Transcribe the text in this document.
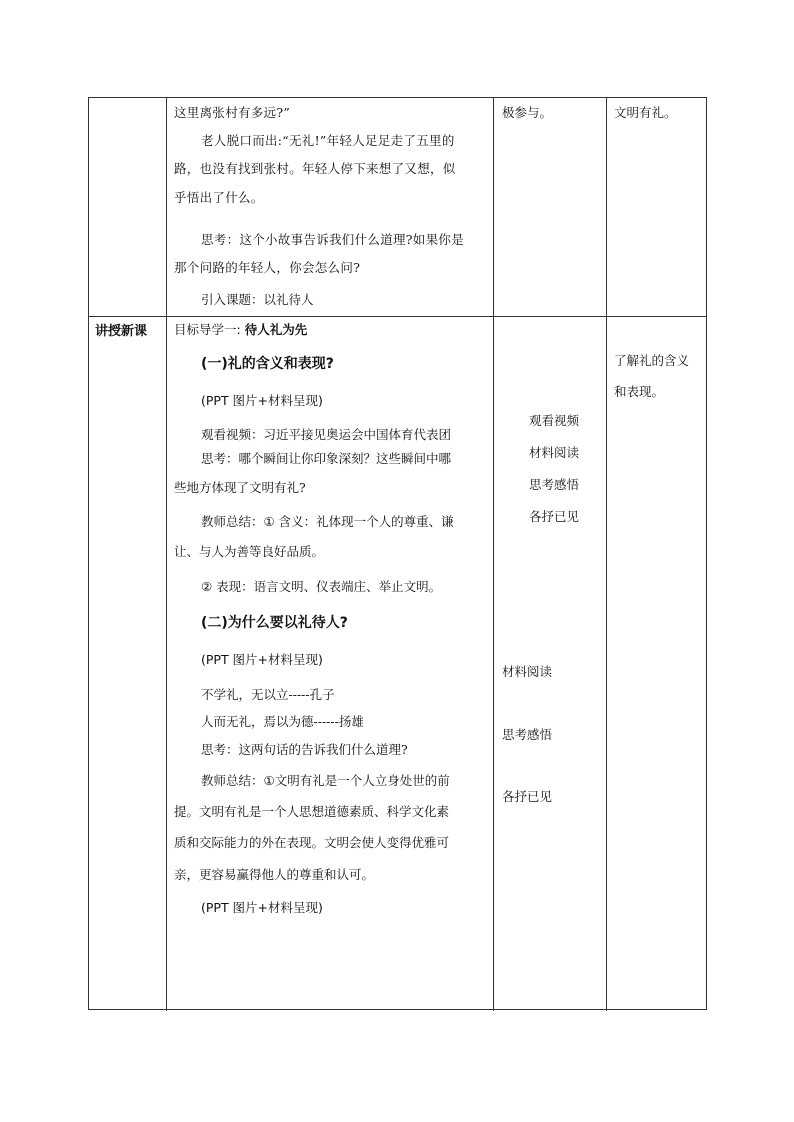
这里离张村有多远?”
老人脱口而出:“无礼!”年轻人足足走了五里的
路，也没有找到张村。年轻人停下来想了又想，似
乎悟出了什么。
思考：这个小故事告诉我们什么道理?如果你是
那个问路的年轻人，你会怎么问?
引入课题：以礼待人
极参与。	文明有礼。
讲授新课 目标导学一: 待人礼为先
(一)礼的含义和表现?
(PPT 图片+材料呈现)
观看视频：习近平接见奥运会中国体育代表团
思考：哪个瞬间让你印象深刻？这些瞬间中哪
些地方体现了文明有礼?
教师总结：① 含义：礼体现一个人的尊重、谦
让、与人为善等良好品质。
② 表现：语言文明、仪表端庄、举止文明。
(二)为什么要以礼待人?
(PPT 图片+材料呈现)
不学礼，无以立-----孔子
人而无礼，焉以为德------扬雄
思考：这两句话的告诉我们什么道理?
教师总结：①文明有礼是一个人立身处世的前
提。文明有礼是一个人思想道德素质、科学文化素
质和交际能力的外在表现。文明会使人变得优雅可
亲，更容易赢得他人的尊重和认可。
(PPT 图片+材料呈现)
观看视频
材料阅读
思考感悟
各抒已见
材料阅读
思考感悟
各抒已见
了解礼的含义
和表现。
